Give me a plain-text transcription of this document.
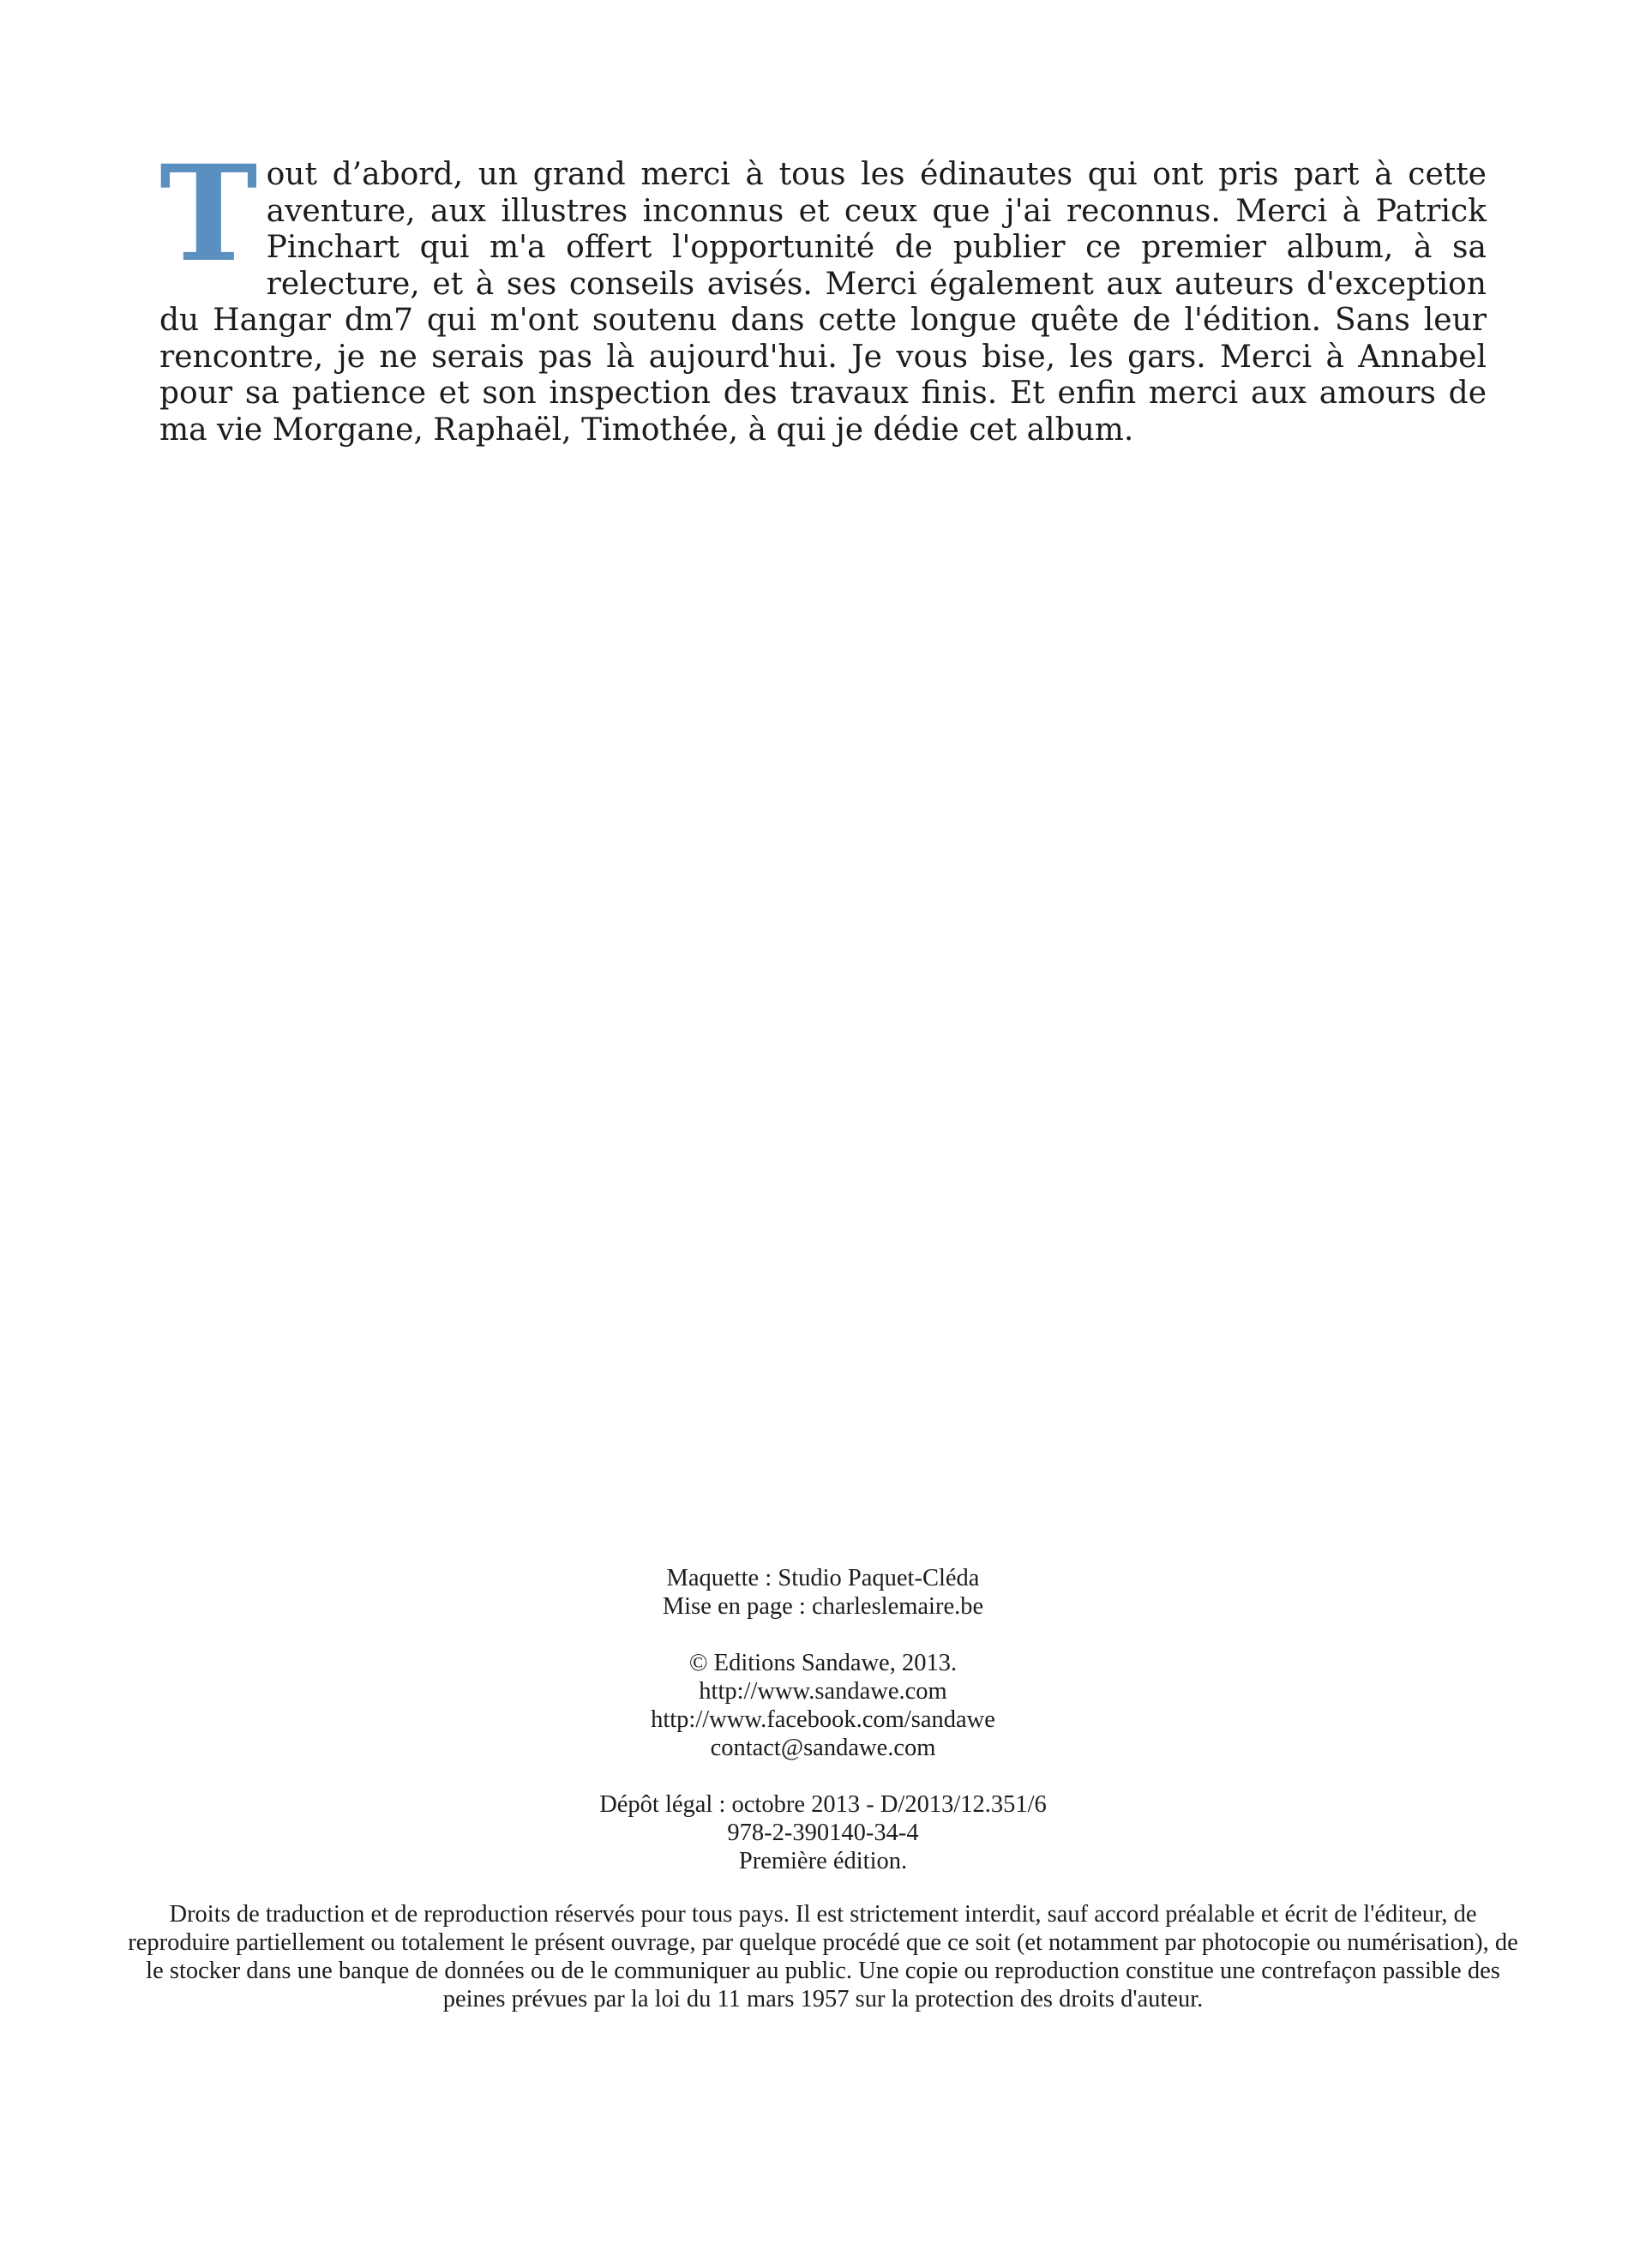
Tout d’abord, un grand merci à tous les édinautes qui ont pris part à cette aventure, aux illustres inconnus et ceux que j'ai reconnus. Merci à Patrick Pinchart qui m'a offert l'opportunité de publier ce premier album, à sa relecture, et à ses conseils avisés. Merci également aux auteurs d'exception du Hangar dm7 qui m'ont soutenu dans cette longue quête de l'édition. Sans leur rencontre, je ne serais pas là aujourd'hui. Je vous bise, les gars. Merci à Annabel pour sa patience et son inspection des travaux finis. Et enfin merci aux amours de ma vie Morgane, Raphaël, Timothée, à qui je dédie cet album.

Maquette : Studio Paquet-Cléda
Mise en page : charleslemaire.be
© Editions Sandawe, 2013.
http://www.sandawe.com
http://www.facebook.com/sandawe
contact@sandawe.com
Dépôt légal : octobre 2013 - D/2013/12.351/6
978-2-390140-34-4
Première édition.

Droits de traduction et de reproduction réservés pour tous pays. Il est strictement interdit, sauf accord préalable et écrit de l'éditeur, de reproduire partiellement ou totalement le présent ouvrage, par quelque procédé que ce soit (et notamment par photocopie ou numérisation), de le stocker dans une banque de données ou de le communiquer au public. Une copie ou reproduction constitue une contrefaçon passible des peines prévues par la loi du 11 mars 1957 sur la protection des droits d'auteur.
